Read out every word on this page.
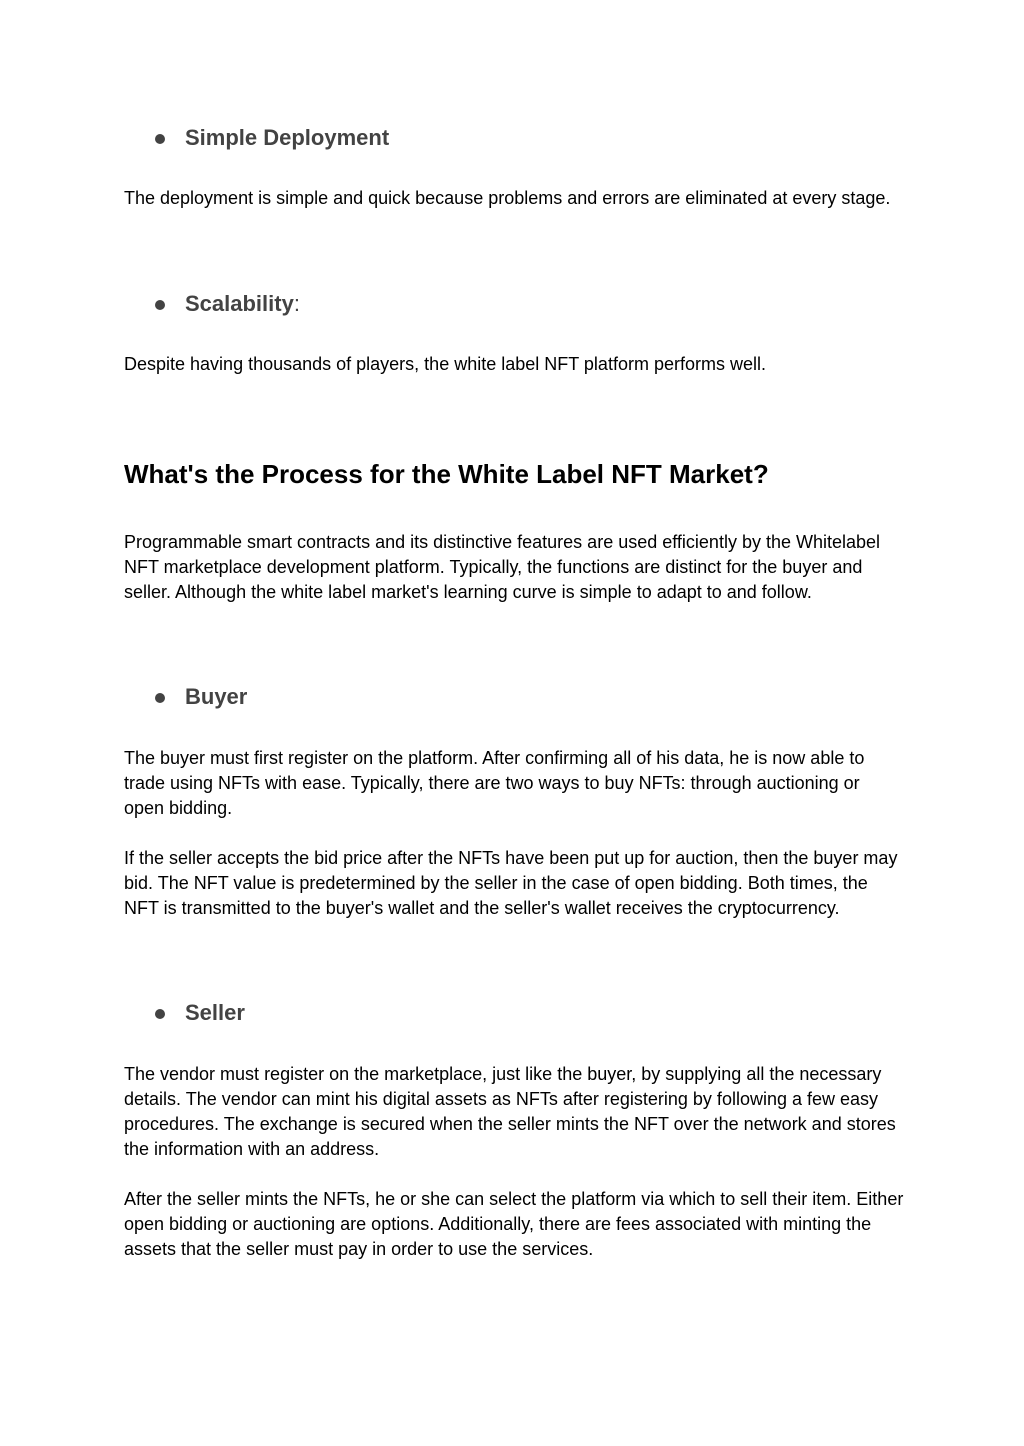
Simple Deployment

The deployment is simple and quick because problems and errors are eliminated at every stage.

Scalability :

Despite having thousands of players, the white label NFT platform performs well.

What's the Process for the White Label NFT Market?

Programmable smart contracts and its distinctive features are used efficiently by the Whitelabel NFT marketplace development platform. Typically, the functions are distinct for the buyer and seller. Although the white label market's learning curve is simple to adapt to and follow.

Buyer

The buyer must first register on the platform. After confirming all of his data, he is now able to trade using NFTs with ease. Typically, there are two ways to buy NFTs: through auctioning or open bidding.

If the seller accepts the bid price after the NFTs have been put up for auction, then the buyer may bid. The NFT value is predetermined by the seller in the case of open bidding. Both times, the NFT is transmitted to the buyer's wallet and the seller's wallet receives the cryptocurrency.

Seller

The vendor must register on the marketplace, just like the buyer, by supplying all the necessary details. The vendor can mint his digital assets as NFTs after registering by following a few easy procedures. The exchange is secured when the seller mints the NFT over the network and stores the information with an address.

After the seller mints the NFTs, he or she can select the platform via which to sell their item. Either open bidding or auctioning are options. Additionally, there are fees associated with minting the assets that the seller must pay in order to use the services.
